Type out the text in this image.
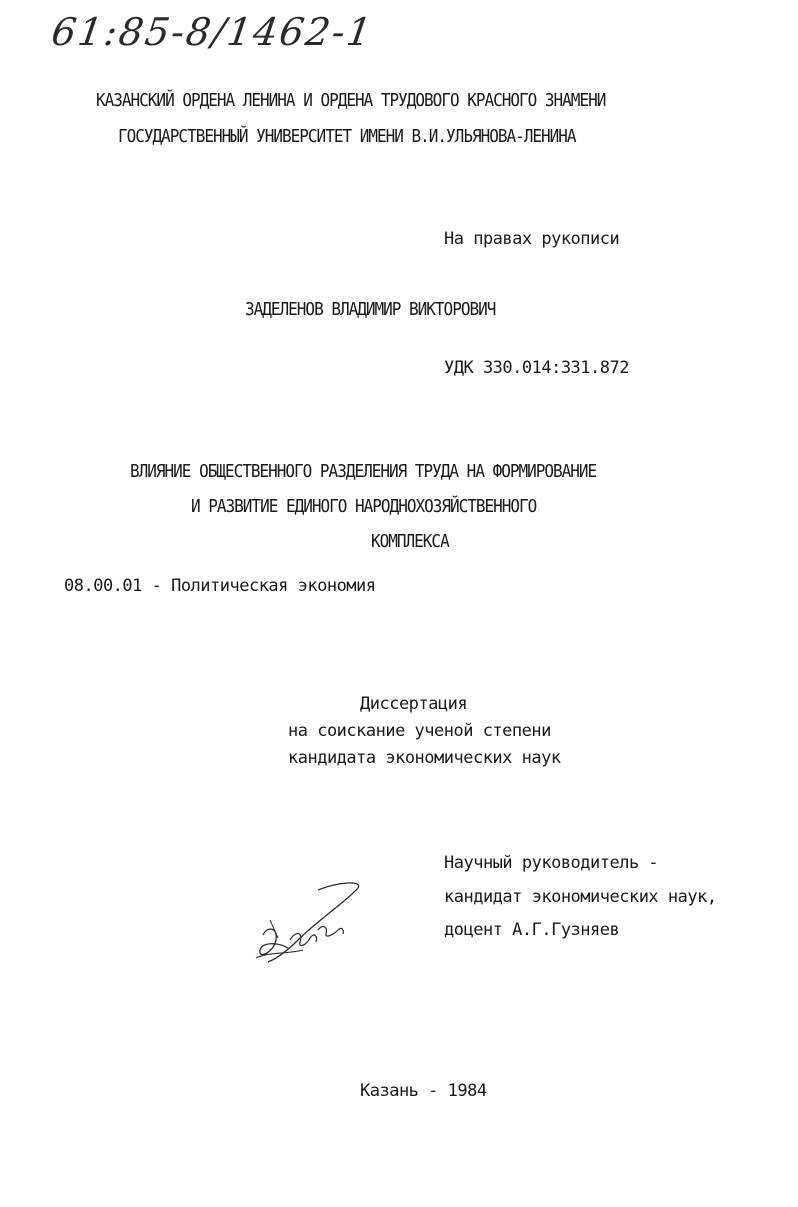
61:85-8/1462-1
КАЗАНСКИЙ ОРДЕНА ЛЕНИНА И ОРДЕНА ТРУДОВОГО КРАСНОГО ЗНАМЕНИ
ГОСУДАРСТВЕННЫЙ УНИВЕРСИТЕТ ИМЕНИ В.И.УЛЬЯНОВА-ЛЕНИНА
На правах рукописи
ЗАДЕЛЕНОВ ВЛАДИМИР ВИКТОРОВИЧ
УДК 330.014:331.872
ВЛИЯНИЕ ОБЩЕСТВЕННОГО РАЗДЕЛЕНИЯ ТРУДА НА ФОРМИРОВАНИЕ
И РАЗВИТИЕ ЕДИНОГО НАРОДНОХОЗЯЙСТВЕННОГО
КОМПЛЕКСА
08.00.01 - Политическая экономия
Диссертация
на соискание ученой степени
кандидата экономических наук
Научный руководитель -
кандидат экономических наук,
доцент А.Г.Гузняев
Казань - 1984
